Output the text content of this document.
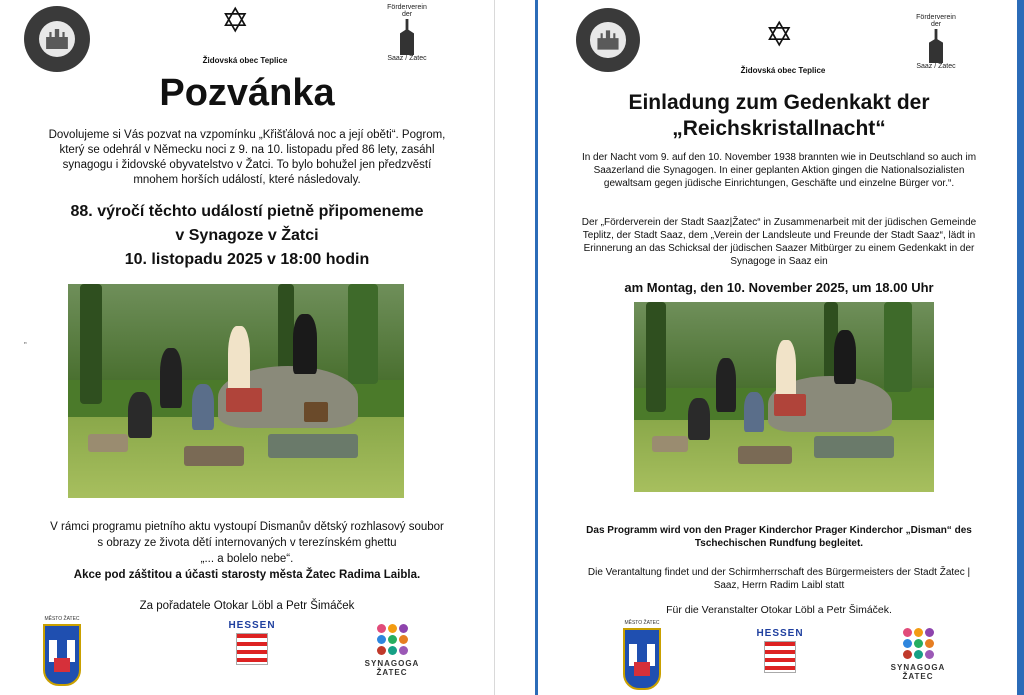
✡
Židovská obec Teplice
Förderverein
der
Saaz / Žatec
Pozvánka
Dovolujeme si Vás pozvat na vzpomínku „Křišťálová noc a její oběti“. Pogrom, který se odehrál v Německu noci z 9. na 10. listopadu před 86 lety, zasáhl synagogu i židovské obyvatelstvo v Žatci. To bylo bohužel jen předzvěstí mnohem horších událostí, které následovaly.
88. výročí těchto událostí pietně připomeneme
v Synagoze v Žatci
10. listopadu 2025 v 18:00 hodin
„
V rámci programu pietního aktu vystoupí Dismanův dětský rozhlasový soubor
s obrazy ze života dětí internovaných v terezínském ghettu
„... a bolelo nebe“.
Akce pod záštitou a účasti starosty města Žatec Radima Laibla.
Za pořadatele Otokar Löbl a Petr Šimáček
MĚSTO ŽATEC
HESSEN
SYNAGOGA
ŽATEC
✡
Židovská obec Teplice
Förderverein
der
Saaz / Žatec
Einladung zum Gedenkakt der
„Reichskristallnacht“
In der Nacht vom 9. auf den 10. November 1938 brannten wie in Deutschland so auch im Saazerland die Synagogen. In einer geplanten Aktion gingen die Nationalsozialisten gewaltsam gegen jüdische Einrichtungen, Geschäfte und einzelne Bürger vor.“.
Der „Förderverein der Stadt Saaz|Žatec“ in Zusammenarbeit mit der jüdischen Gemeinde Teplitz, der Stadt Saaz, dem „Verein der Landsleute und Freunde der Stadt Saaz“, lädt in Erinnerung an das Schicksal der jüdischen Saazer Mitbürger zu einem Gedenkakt in der Synagoge in Saaz ein
am Montag, den 10. November 2025, um 18.00 Uhr
Das Programm wird von den Prager Kinderchor Prager Kinderchor „Disman“ des Tschechischen Rundfung begleitet.
Die Verantaltung findet und der Schirmherrschaft des Bürgermeisters der Stadt Žatec | Saaz, Herrn Radim Laibl statt
Für die Veranstalter Otokar Löbl a Petr Šimáček.
MĚSTO ŽATEC
HESSEN
SYNAGOGA
ŽATEC
